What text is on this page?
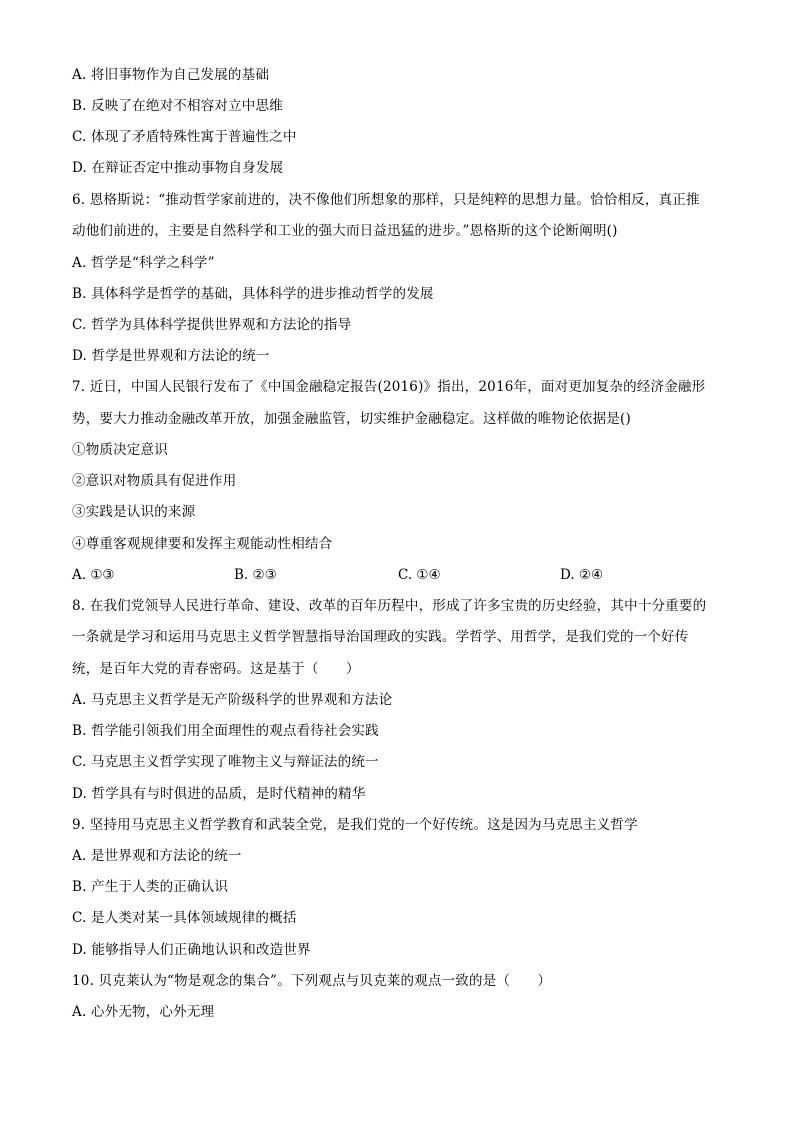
A. 将旧事物作为自己发展的基础
B. 反映了在绝对不相容对立中思维
C. 体现了矛盾特殊性寓于普遍性之中
D. 在辩证否定中推动事物自身发展
6. 恩格斯说：“推动哲学家前进的，决不像他们所想象的那样，只是纯粹的思想力量。恰恰相反，真正推
动他们前进的，主要是自然科学和工业的强大而日益迅猛的进步。”恩格斯的这个论断阐明()
A. 哲学是“科学之科学”
B. 具体科学是哲学的基础，具体科学的进步推动哲学的发展
C. 哲学为具体科学提供世界观和方法论的指导
D. 哲学是世界观和方法论的统一
7. 近日，中国人民银行发布了《中国金融稳定报告(2016)》指出，2016年，面对更加复杂的经济金融形
势，要大力推动金融改革开放，加强金融监管，切实维护金融稳定。这样做的唯物论依据是()
①物质决定意识
②意识对物质具有促进作用
③实践是认识的来源
④尊重客观规律要和发挥主观能动性相结合
A. ①③	B. ②③	C. ①④	D. ②④
8. 在我们党领导人民进行革命、建设、改革的百年历程中，形成了许多宝贵的历史经验，其中十分重要的
一条就是学习和运用马克思主义哲学智慧指导治国理政的实践。学哲学、用哲学，是我们党的一个好传
统，是百年大党的青春密码。这是基于（　　）
A. 马克思主义哲学是无产阶级科学的世界观和方法论
B. 哲学能引领我们用全面理性的观点看待社会实践
C. 马克思主义哲学实现了唯物主义与辩证法的统一
D. 哲学具有与时俱进的品质，是时代精神的精华
9. 坚持用马克思主义哲学教育和武装全党，是我们党的一个好传统。这是因为马克思主义哲学
A. 是世界观和方法论的统一
B. 产生于人类的正确认识
C. 是人类对某一具体领域规律的概括
D. 能够指导人们正确地认识和改造世界
10. 贝克莱认为“物是观念的集合”。下列观点与贝克莱的观点一致的是（　　）
A. 心外无物，心外无理
